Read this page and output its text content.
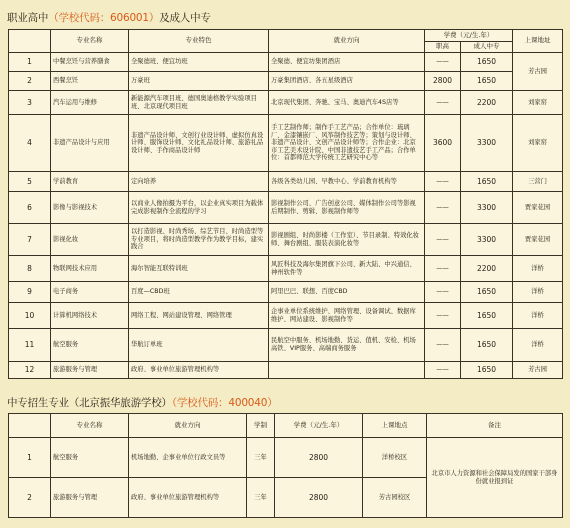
职业高中（学校代码：606001）及成人中专
	专业名称	专业特色	就业方向	学费（元/生.年）		上课地址
				职高	成人中专	
1	中餐烹饪与营养膳食	全聚德班、便宜坊班	全聚德、便宜坊集团酒店	——	1650	芳古园
2	西餐烹饪	万豪班	万豪集团酒店、各五星级酒店	2800	1650	
3	汽车运用与维修	新能源汽车项目班、德国奥迪格教学实验项目班、北京现代项目班	北京现代集团、奔驰、宝马、奥迪汽车4S店等	——	2200	刘家窑
4	非遗产品设计与应用	非遗产品设计师、文创行业设计师、虚拟仿真设计师、服饰设计师、文化礼品设计师、旅游礼品设计师、手作商品设计师	手工艺制作师；制作手工艺产品；合作单位：琉璃厂、金漆镶嵌厂、风筝制作技艺等；策划与设计师、非遗产品设计、文创产品设计师等；合作企业：北京市工艺美术设计院、中国非遗技艺手工产品；合作单位：首都师范大学传统工艺研究中心等	3600	3300	刘家窑
5	学前教育	定向培养	各级各类幼儿园、早教中心、学前教育机构等	——	1650	三营门
6	影像与影视技术	以商业人像拍摄为平台，以企业真实项目为载体完成影视制作全流程的学习	影视制作公司、广告创意公司、媒体制作公司等影视后期制作、剪辑、影视制作师等	——	3300	贾家花园
7	影视化妆	以打造影视、时尚秀场、综艺节目、时尚造型等专业项目，将时尚造型教学作为教学目标，建实践合	影视剧组、时尚影楼（工作室）、节目录制、特效化妆师、舞台剧组、服装表演化妆等	——	3300	贾家花园
8	物联网技术应用	海尔智能互联特训班	风匠科技及海尔集团旗下公司、新大陆、中兴通信、神州软件等	——	2200	洋桥
9	电子商务	百度—CBD班	阿里巴巴、联想、百度CBD	——	1650	洋桥
10	计算机网络技术	网络工程、网站建设管理、网络管理	企事业单位系统维护、网络管理、设备调试、数据库维护、网站建设、影视制作等	——	1650	洋桥
11	航空服务	华航订单班	民航空中服务、机场地勤、货运、值机、安检、机场高铁、VIP服务、高端商务服务	——	1650	洋桥
12	旅游服务与管理	政府、事业单位旅游管理机构等		——	1650	芳古园
中专招生专业（北京振华旅游学校）（学校代码：400040）
	专业名称	就业方向	学制	学费（元/生.年）	上课地点	备注
1	航空服务	机场地勤、企事业单位行政文员等	三年	2800	洋桥校区	北京市人力资源和社会保障局发的国家干部身份就业报到证
2	旅游服务与管理	政府、事业单位旅游管理机构等	三年	2800	芳古园校区	
